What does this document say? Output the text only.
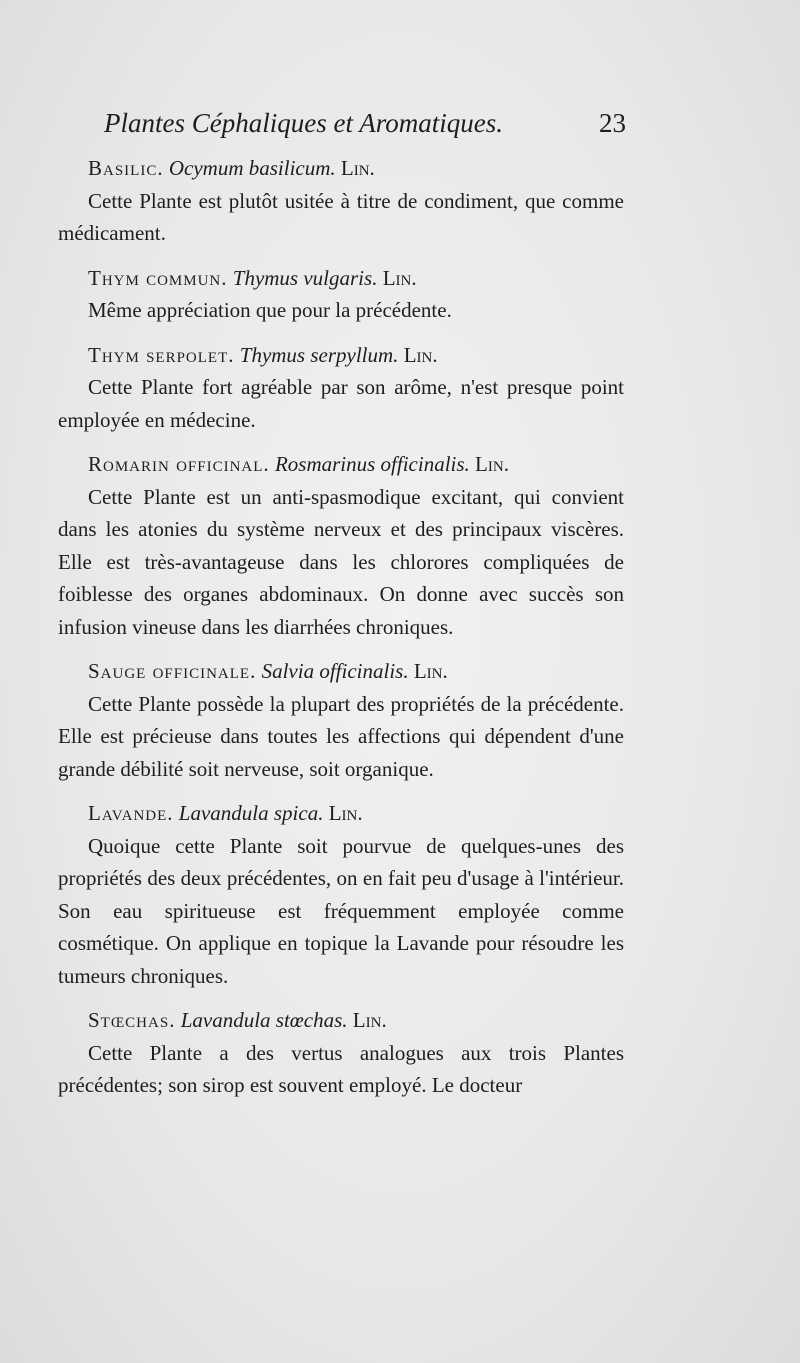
Plantes Céphaliques et Aromatiques.	23
Basilic. Ocymum basilicum. Lin.
Cette Plante est plutôt usitée à titre de condiment, que comme médicament.
Thym commun. Thymus vulgaris. Lin.
Même appréciation que pour la précédente.
Thym serpolet. Thymus serpyllum. Lin.
Cette Plante fort agréable par son arôme, n'est presque point employée en médecine.
Romarin officinal. Rosmarinus officinalis. Lin.
Cette Plante est un anti-spasmodique excitant, qui convient dans les atonies du système nerveux et des principaux viscères. Elle est très-avantageuse dans les chlorores compliquées de foiblesse des organes abdominaux. On donne avec succès son infusion vineuse dans les diarrhées chroniques.
Sauge officinale. Salvia officinalis. Lin.
Cette Plante possède la plupart des propriétés de la précédente. Elle est précieuse dans toutes les affections qui dépendent d'une grande débilité soit nerveuse, soit organique.
Lavande. Lavandula spica. Lin.
Quoique cette Plante soit pourvue de quelques-unes des propriétés des deux précédentes, on en fait peu d'usage à l'intérieur. Son eau spiritueuse est fréquemment employée comme cosmétique. On applique en topique la Lavande pour résoudre les tumeurs chroniques.
Stœchas. Lavandula stœchas. Lin.
Cette Plante a des vertus analogues aux trois Plantes précédentes; son sirop est souvent employé. Le docteur
